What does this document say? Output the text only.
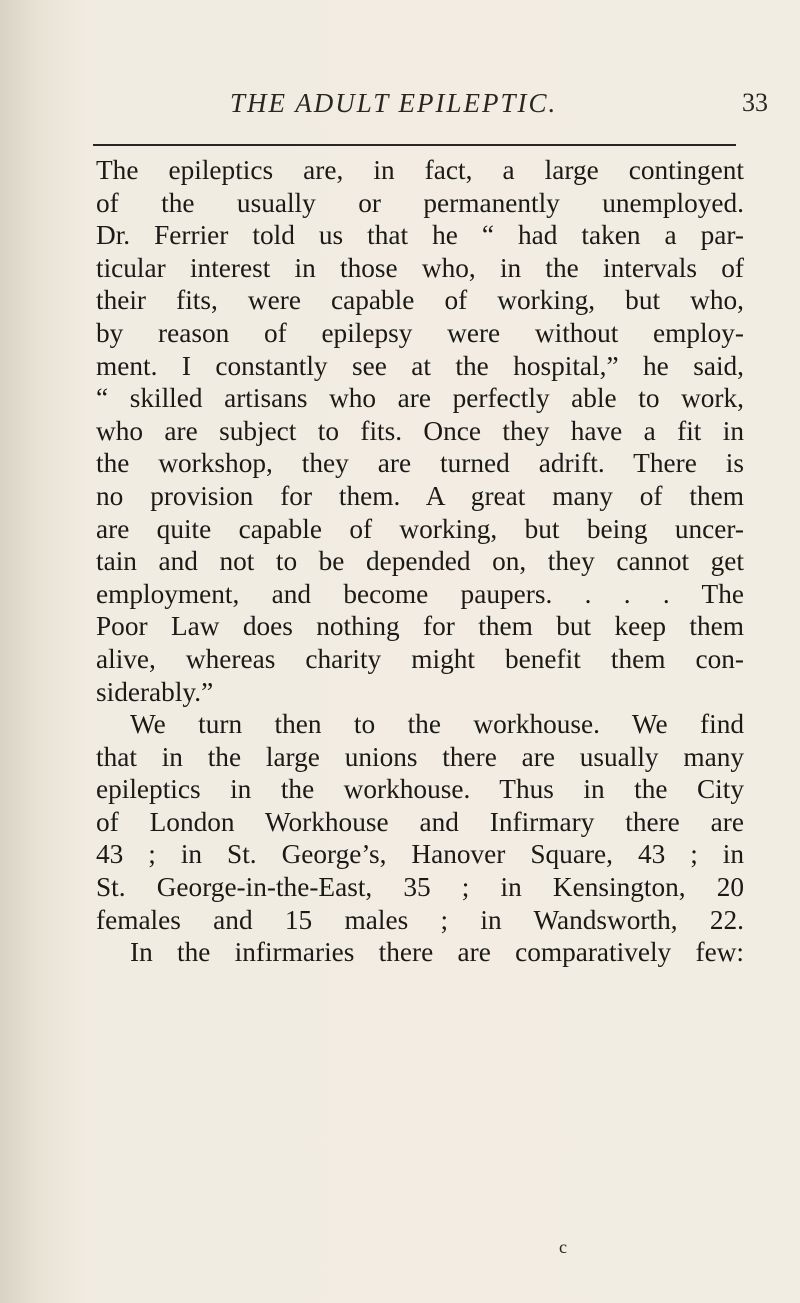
THE ADULT EPILEPTIC.	33
The epileptics are, in fact, a large contingent
of the usually or permanently unemployed.
Dr. Ferrier told us that he “ had taken a par-
ticular interest in those who, in the intervals of
their fits, were capable of working, but who,
by reason of epilepsy were without employ-
ment. I constantly see at the hospital,” he said,
“ skilled artisans who are perfectly able to work,
who are subject to fits. Once they have a fit in
the workshop, they are turned adrift. There is
no provision for them. A great many of them
are quite capable of working, but being uncer-
tain and not to be depended on, they cannot get
employment, and become paupers. . . . The
Poor Law does nothing for them but keep them
alive, whereas charity might benefit them con-
siderably.”
We turn then to the workhouse. We find
that in the large unions there are usually many
epileptics in the workhouse. Thus in the City
of London Workhouse and Infirmary there are
43 ; in St. George’s, Hanover Square, 43 ; in
St. George-in-the-East, 35 ; in Kensington, 20
females and 15 males ; in Wandsworth, 22.
In the infirmaries there are comparatively few:
c
